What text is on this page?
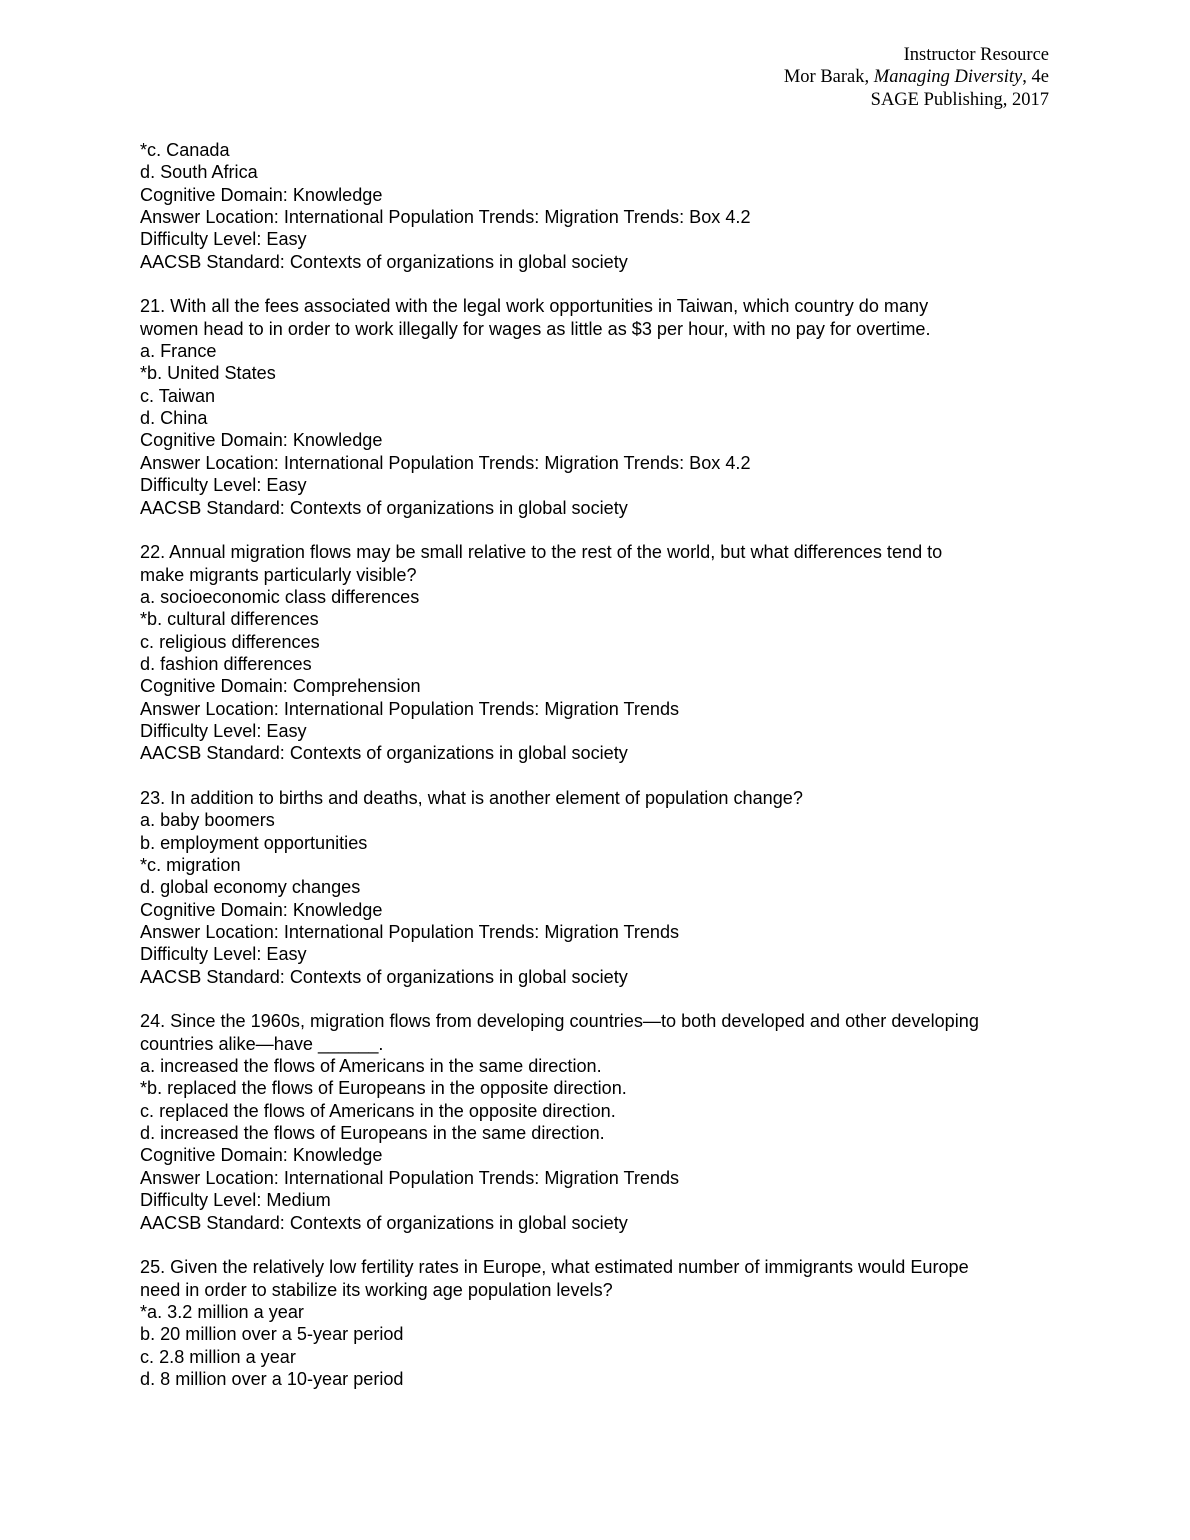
Instructor Resource
Mor Barak, Managing Diversity, 4e
SAGE Publishing, 2017
*c. Canada
d. South Africa
Cognitive Domain: Knowledge
Answer Location: International Population Trends: Migration Trends: Box 4.2
Difficulty Level: Easy
AACSB Standard: Contexts of organizations in global society
21. With all the fees associated with the legal work opportunities in Taiwan, which country do many
women head to in order to work illegally for wages as little as $3 per hour, with no pay for overtime.
a. France
*b. United States
c. Taiwan
d. China
Cognitive Domain: Knowledge
Answer Location: International Population Trends: Migration Trends: Box 4.2
Difficulty Level: Easy
AACSB Standard: Contexts of organizations in global society
22. Annual migration flows may be small relative to the rest of the world, but what differences tend to
make migrants particularly visible?
a. socioeconomic class differences
*b. cultural differences
c. religious differences
d. fashion differences
Cognitive Domain: Comprehension
Answer Location: International Population Trends: Migration Trends
Difficulty Level: Easy
AACSB Standard: Contexts of organizations in global society
23. In addition to births and deaths, what is another element of population change?
a. baby boomers
b. employment opportunities
*c. migration
d. global economy changes
Cognitive Domain: Knowledge
Answer Location: International Population Trends: Migration Trends
Difficulty Level: Easy
AACSB Standard: Contexts of organizations in global society
24. Since the 1960s, migration flows from developing countries—to both developed and other developing
countries alike—have ______.
a. increased the flows of Americans in the same direction.
*b. replaced the flows of Europeans in the opposite direction.
c. replaced the flows of Americans in the opposite direction.
d. increased the flows of Europeans in the same direction.
Cognitive Domain: Knowledge
Answer Location: International Population Trends: Migration Trends
Difficulty Level: Medium
AACSB Standard: Contexts of organizations in global society
25. Given the relatively low fertility rates in Europe, what estimated number of immigrants would Europe
need in order to stabilize its working age population levels?
*a. 3.2 million a year
b. 20 million over a 5-year period
c. 2.8 million a year
d. 8 million over a 10-year period
